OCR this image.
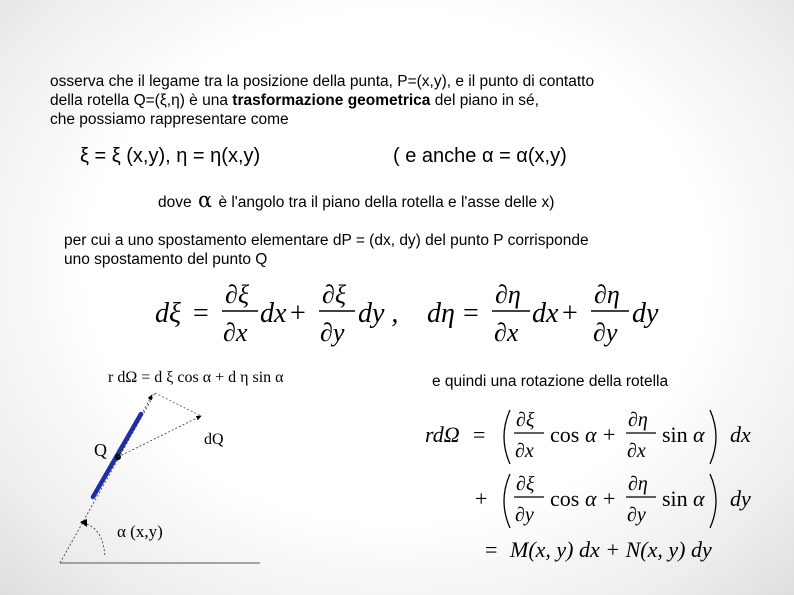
osserva che il legame tra la posizione della punta, P=(x,y), e il punto di contatto
della rotella Q=(ξ,η) è una trasformazione geometrica del piano in sé,
che possiamo rappresentare come
ξ = ξ (x,y), η = η(x,y)	( e anche α = α(x,y)
dove α è l'angolo tra il piano della rotella e l'asse delle x)
per cui a uno spostamento elementare dP = (dx, dy) del punto P corrisponde
uno spostamento del punto Q
dξ =
∂ξ
∂x
dx +
∂ξ
∂y
dy , dη =
∂η
∂x
dx +
∂η
∂y
dy
r dΩ = d ξ cos α + d η sin α
Q
dQ
α (x,y)
e quindi una rotazione della rotella
rdΩ =
∂ξ
∂x
cos α +
∂η
∂x
sin α dx
+
∂ξ
∂y
cos α +
∂η
∂y
sin α dy
= M(x, y) dx + N(x, y) dy
